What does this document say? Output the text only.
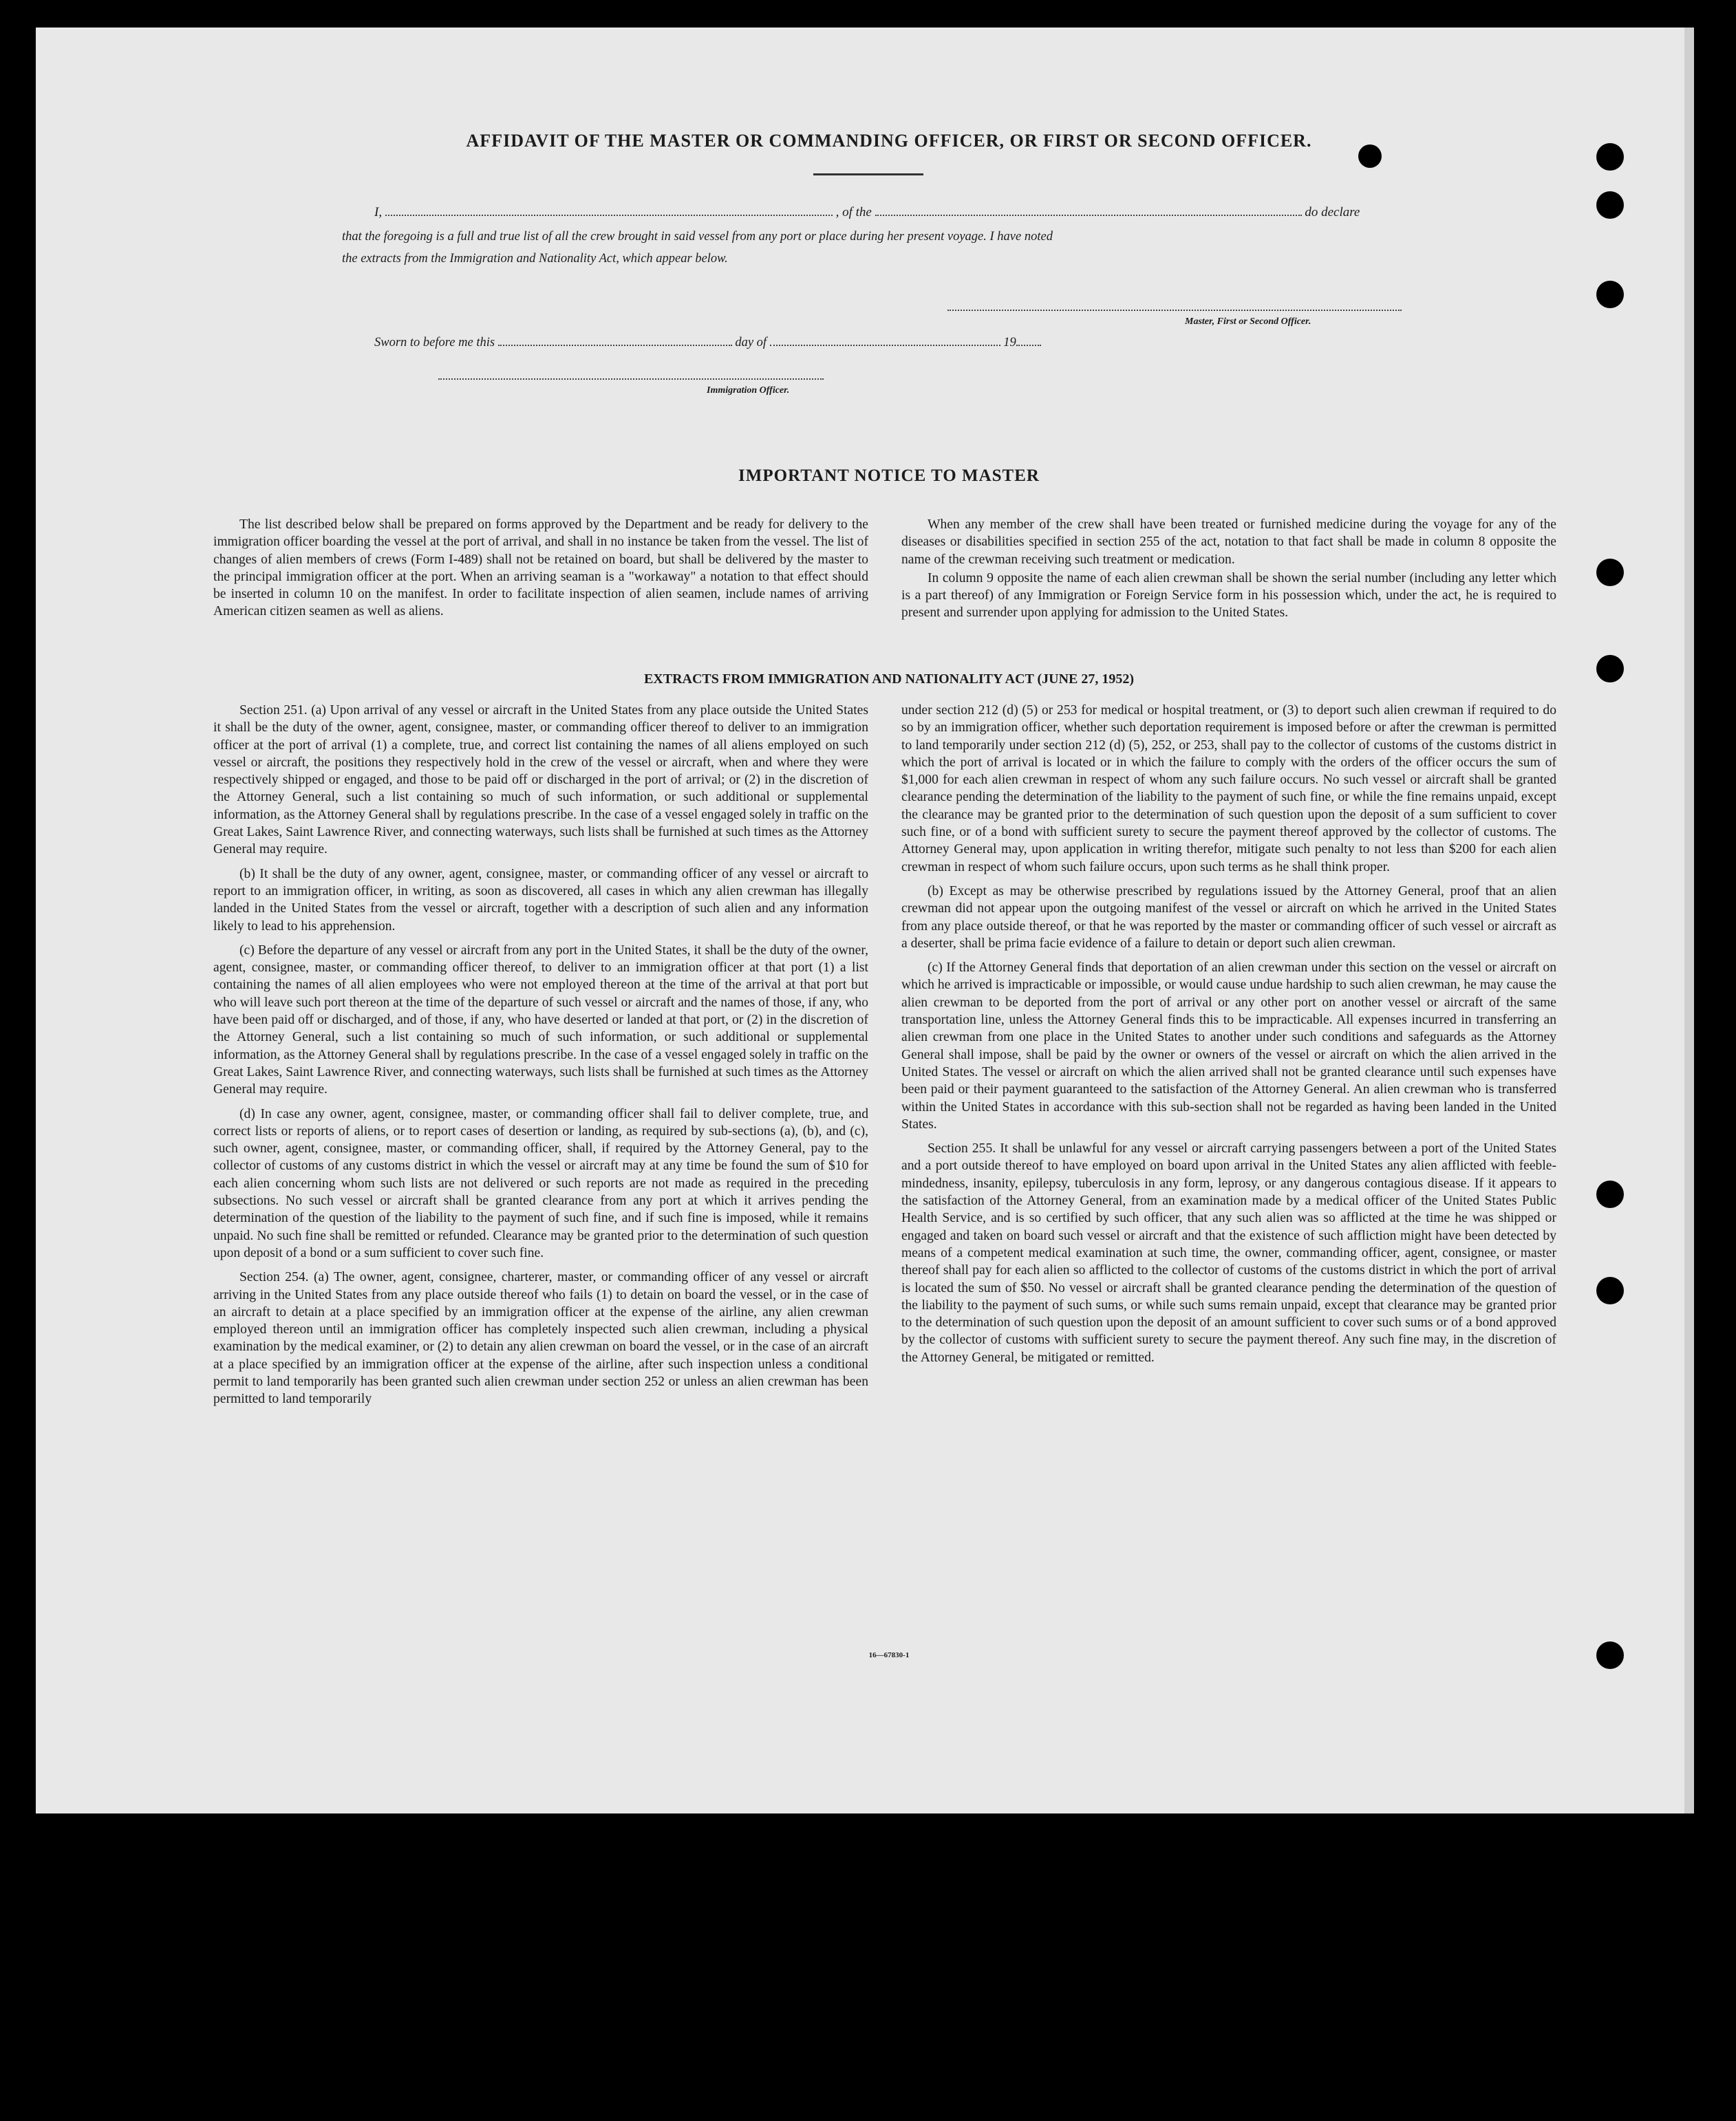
AFFIDAVIT OF THE MASTER OR COMMANDING OFFICER, OR FIRST OR SECOND OFFICER.
I,	, of the	do declare
that the foregoing is a full and true list of all the crew brought in said vessel from any port or place during her present voyage. I have noted
the extracts from the Immigration and Nationality Act, which appear below.
Master, First or Second Officer.
Sworn to before me this	day of	19
Immigration Officer.
IMPORTANT NOTICE TO MASTER

The list described below shall be prepared on forms approved by the Department and be ready for delivery to the immigration officer boarding the vessel at the port of arrival, and shall in no instance be taken from the vessel. The list of changes of alien members of crews (Form I-489) shall not be retained on board, but shall be delivered by the master to the principal immigration officer at the port. When an arriving seaman is a "workaway" a notation to that effect should be inserted in column 10 on the manifest. In order to facilitate inspection of alien seamen, include names of arriving American citizen seamen as well as aliens.

When any member of the crew shall have been treated or furnished medicine during the voyage for any of the diseases or disabilities specified in section 255 of the act, notation to that fact shall be made in column 8 opposite the name of the crewman receiving such treatment or medication.

In column 9 opposite the name of each alien crewman shall be shown the serial number (including any letter which is a part thereof) of any Immigration or Foreign Service form in his possession which, under the act, he is required to present and surrender upon applying for admission to the United States.

EXTRACTS FROM IMMIGRATION AND NATIONALITY ACT (JUNE 27, 1952)

Section 251. (a) Upon arrival of any vessel or aircraft in the United States from any place outside the United States it shall be the duty of the owner, agent, consignee, master, or commanding officer thereof to deliver to an immigration officer at the port of arrival (1) a complete, true, and correct list containing the names of all aliens employed on such vessel or aircraft, the positions they respectively hold in the crew of the vessel or aircraft, when and where they were respectively shipped or engaged, and those to be paid off or discharged in the port of arrival; or (2) in the discretion of the Attorney General, such a list containing so much of such information, or such additional or supplemental information, as the Attorney General shall by regulations prescribe. In the case of a vessel engaged solely in traffic on the Great Lakes, Saint Lawrence River, and connecting waterways, such lists shall be furnished at such times as the Attorney General may require.

(b) It shall be the duty of any owner, agent, consignee, master, or commanding officer of any vessel or aircraft to report to an immigration officer, in writing, as soon as discovered, all cases in which any alien crewman has illegally landed in the United States from the vessel or aircraft, together with a description of such alien and any information likely to lead to his apprehension.

(c) Before the departure of any vessel or aircraft from any port in the United States, it shall be the duty of the owner, agent, consignee, master, or commanding officer thereof, to deliver to an immigration officer at that port (1) a list containing the names of all alien employees who were not employed thereon at the time of the arrival at that port but who will leave such port thereon at the time of the departure of such vessel or aircraft and the names of those, if any, who have been paid off or discharged, and of those, if any, who have deserted or landed at that port, or (2) in the discretion of the Attorney General, such a list containing so much of such information, or such additional or supplemental information, as the Attorney General shall by regulations prescribe. In the case of a vessel engaged solely in traffic on the Great Lakes, Saint Lawrence River, and connecting waterways, such lists shall be furnished at such times as the Attorney General may require.

(d) In case any owner, agent, consignee, master, or commanding officer shall fail to deliver complete, true, and correct lists or reports of aliens, or to report cases of desertion or landing, as required by sub-sections (a), (b), and (c), such owner, agent, consignee, master, or commanding officer, shall, if required by the Attorney General, pay to the collector of customs of any customs district in which the vessel or aircraft may at any time be found the sum of $10 for each alien concerning whom such lists are not delivered or such reports are not made as required in the preceding subsections. No such vessel or aircraft shall be granted clearance from any port at which it arrives pending the determination of the question of the liability to the payment of such fine, and if such fine is imposed, while it remains unpaid. No such fine shall be remitted or refunded. Clearance may be granted prior to the determination of such question upon deposit of a bond or a sum sufficient to cover such fine.

Section 254. (a) The owner, agent, consignee, charterer, master, or commanding officer of any vessel or aircraft arriving in the United States from any place outside thereof who fails (1) to detain on board the vessel, or in the case of an aircraft to detain at a place specified by an immigration officer at the expense of the airline, any alien crewman employed thereon until an immigration officer has completely inspected such alien crewman, including a physical examination by the medical examiner, or (2) to detain any alien crewman on board the vessel, or in the case of an aircraft at a place specified by an immigration officer at the expense of the airline, after such inspection unless a conditional permit to land temporarily has been granted such alien crewman under section 252 or unless an alien crewman has been permitted to land temporarily

under section 212 (d) (5) or 253 for medical or hospital treatment, or (3) to deport such alien crewman if required to do so by an immigration officer, whether such deportation requirement is imposed before or after the crewman is permitted to land temporarily under section 212 (d) (5), 252, or 253, shall pay to the collector of customs of the customs district in which the port of arrival is located or in which the failure to comply with the orders of the officer occurs the sum of $1,000 for each alien crewman in respect of whom any such failure occurs. No such vessel or aircraft shall be granted clearance pending the determination of the liability to the payment of such fine, or while the fine remains unpaid, except the clearance may be granted prior to the determination of such question upon the deposit of a sum sufficient to cover such fine, or of a bond with sufficient surety to secure the payment thereof approved by the collector of customs. The Attorney General may, upon application in writing therefor, mitigate such penalty to not less than $200 for each alien crewman in respect of whom such failure occurs, upon such terms as he shall think proper.

(b) Except as may be otherwise prescribed by regulations issued by the Attorney General, proof that an alien crewman did not appear upon the outgoing manifest of the vessel or aircraft on which he arrived in the United States from any place outside thereof, or that he was reported by the master or commanding officer of such vessel or aircraft as a deserter, shall be prima facie evidence of a failure to detain or deport such alien crewman.

(c) If the Attorney General finds that deportation of an alien crewman under this section on the vessel or aircraft on which he arrived is impracticable or impossible, or would cause undue hardship to such alien crewman, he may cause the alien crewman to be deported from the port of arrival or any other port on another vessel or aircraft of the same transportation line, unless the Attorney General finds this to be impracticable. All expenses incurred in transferring an alien crewman from one place in the United States to another under such conditions and safeguards as the Attorney General shall impose, shall be paid by the owner or owners of the vessel or aircraft on which the alien arrived in the United States. The vessel or aircraft on which the alien arrived shall not be granted clearance until such expenses have been paid or their payment guaranteed to the satisfaction of the Attorney General. An alien crewman who is transferred within the United States in accordance with this sub-section shall not be regarded as having been landed in the United States.

Section 255. It shall be unlawful for any vessel or aircraft carrying passengers between a port of the United States and a port outside thereof to have employed on board upon arrival in the United States any alien afflicted with feeble-mindedness, insanity, epilepsy, tuberculosis in any form, leprosy, or any dangerous contagious disease. If it appears to the satisfaction of the Attorney General, from an examination made by a medical officer of the United States Public Health Service, and is so certified by such officer, that any such alien was so afflicted at the time he was shipped or engaged and taken on board such vessel or aircraft and that the existence of such affliction might have been detected by means of a competent medical examination at such time, the owner, commanding officer, agent, consignee, or master thereof shall pay for each alien so afflicted to the collector of customs of the customs district in which the port of arrival is located the sum of $50. No vessel or aircraft shall be granted clearance pending the determination of the question of the liability to the payment of such sums, or while such sums remain unpaid, except that clearance may be granted prior to the determination of such question upon the deposit of an amount sufficient to cover such sums or of a bond approved by the collector of customs with sufficient surety to secure the payment thereof. Any such fine may, in the discretion of the Attorney General, be mitigated or remitted.

16—67830-1
